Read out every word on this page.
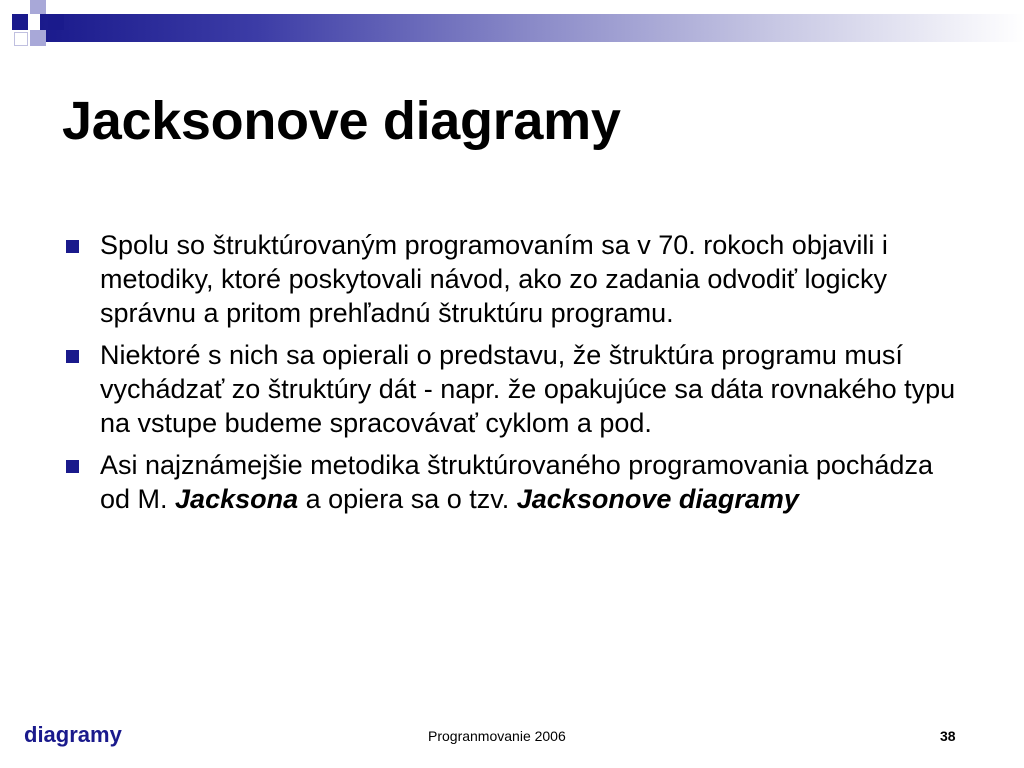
Jacksonove diagramy
Spolu so štruktúrovaným programovaním sa v 70. rokoch objavili i metodiky, ktoré poskytovali návod, ako zo zadania odvodiť logicky správnu a pritom prehľadnú štruktúru programu.
Niektoré s nich sa opierali o predstavu, že štruktúra programu musí vychádzať zo štruktúry dát - napr. že opakujúce sa dáta rovnakého typu na vstupe budeme spracovávať cyklom a pod.
Asi najznámejšie metodika štruktúrovaného programovania pochádza od M. Jacksona a opiera sa o tzv. Jacksonove diagramy
diagramy	Progranmovanie 2006	38
